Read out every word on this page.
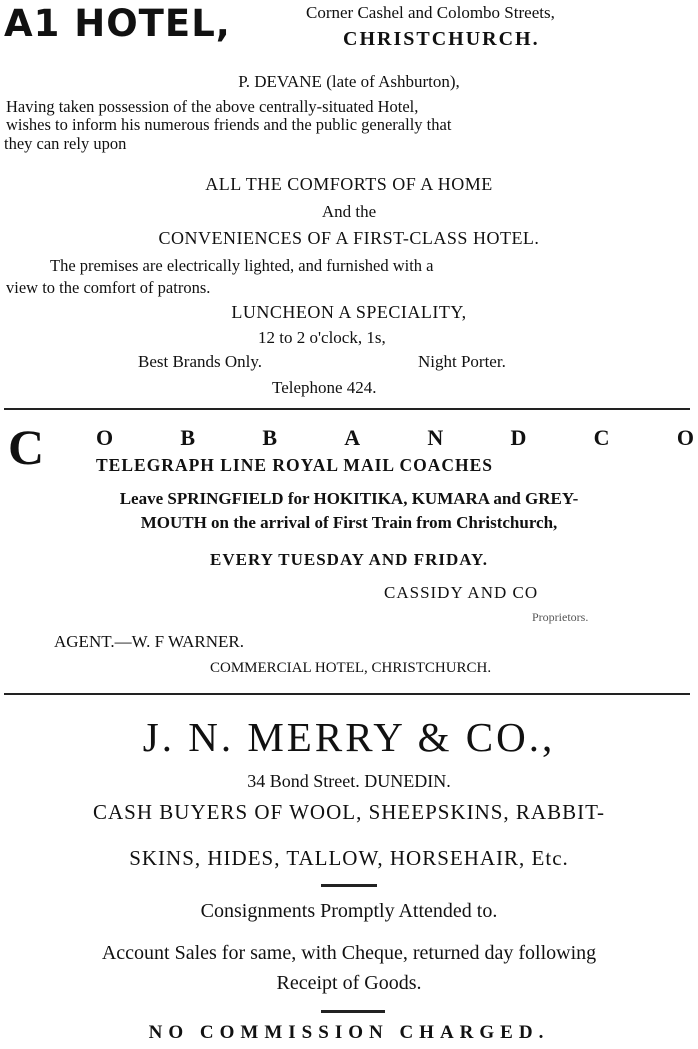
A1 HOTEL,	Corner Cashel and Colombo Streets,
CHRISTCHURCH.
P. DEVANE (late of Ashburton),
Having taken possession of the above centrally-situated Hotel,
wishes to inform his numerous friends and the public generally that
they can rely upon
ALL THE COMFORTS OF A HOME
And the
CONVENIENCES OF A FIRST-CLASS HOTEL.
The premises are electrically lighted, and furnished with a
view to the comfort of patrons.
LUNCHEON A SPECIALITY,
12 to 2 o'clock, 1s,
Best Brands Only.	Night Porter.
Telephone 424.
C O	B	B	A	N	D	C	O
TELEGRAPH LINE ROYAL MAIL COACHES
Leave SPRINGFIELD for HOKITIKA, KUMARA and GREY-
MOUTH on the arrival of First Train from Christchurch,
EVERY TUESDAY AND FRIDAY.
CASSIDY AND CO
Proprietors.
AGENT.—W. F WARNER.
COMMERCIAL HOTEL, CHRISTCHURCH.
J. N. MERRY & CO.,
34 Bond Street. DUNEDIN.
CASH BUYERS OF WOOL, SHEEPSKINS, RABBIT-
SKINS, HIDES, TALLOW, HORSEHAIR, Etc.
Consignments Promptly Attended to.
Account Sales for same, with Cheque, returned day following
Receipt of Goods.
NO COMMISSION CHARGED.
